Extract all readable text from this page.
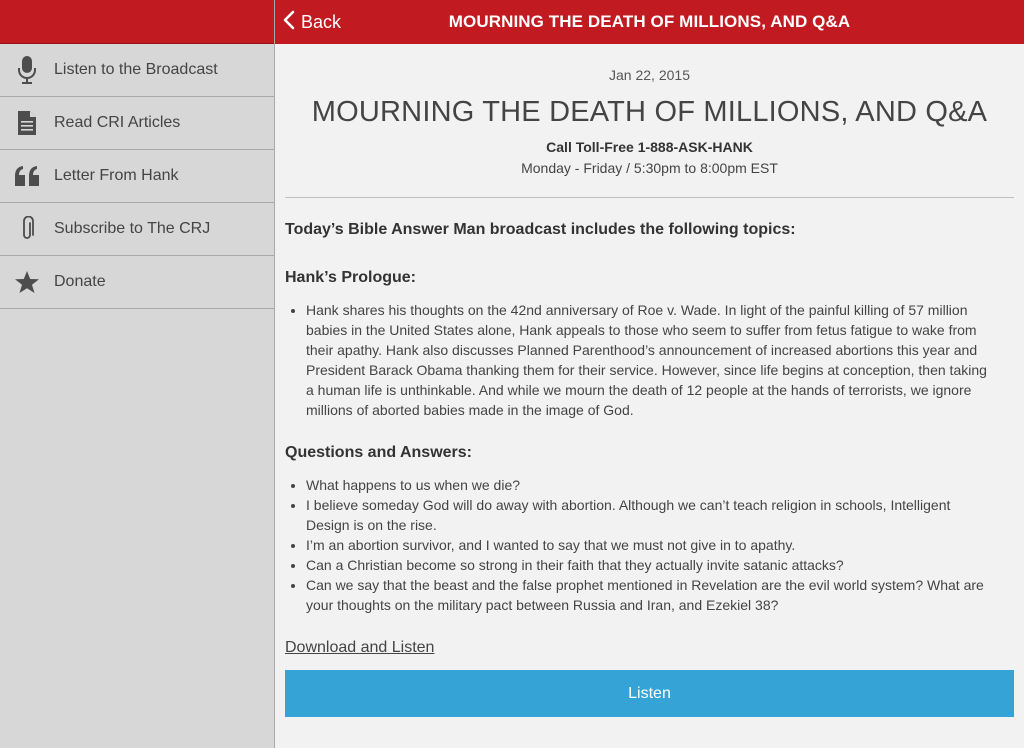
Listen to the Broadcast
Read CRI Articles
Letter From Hank
Subscribe to The CRJ
Donate
Back	MOURNING THE DEATH OF MILLIONS, AND Q&A
Jan 22, 2015
MOURNING THE DEATH OF MILLIONS, AND Q&A
Call Toll-Free 1-888-ASK-HANK
Monday - Friday / 5:30pm to 8:00pm EST
Today’s Bible Answer Man broadcast includes the following topics:
Hank’s Prologue:
• Hank shares his thoughts on the 42nd anniversary of Roe v. Wade. In light of the painful killing of 57 million babies in the United States alone, Hank appeals to those who seem to suffer from fetus fatigue to wake from their apathy. Hank also discusses Planned Parenthood’s announcement of increased abortions this year and President Barack Obama thanking them for their service. However, since life begins at conception, then taking a human life is unthinkable. And while we mourn the death of 12 people at the hands of terrorists, we ignore millions of aborted babies made in the image of God.
Questions and Answers:
• What happens to us when we die?
• I believe someday God will do away with abortion. Although we can’t teach religion in schools, Intelligent Design is on the rise.
• I’m an abortion survivor, and I wanted to say that we must not give in to apathy.
• Can a Christian become so strong in their faith that they actually invite satanic attacks?
• Can we say that the beast and the false prophet mentioned in Revelation are the evil world system? What are your thoughts on the military pact between Russia and Iran, and Ezekiel 38?
Download and Listen
Listen
